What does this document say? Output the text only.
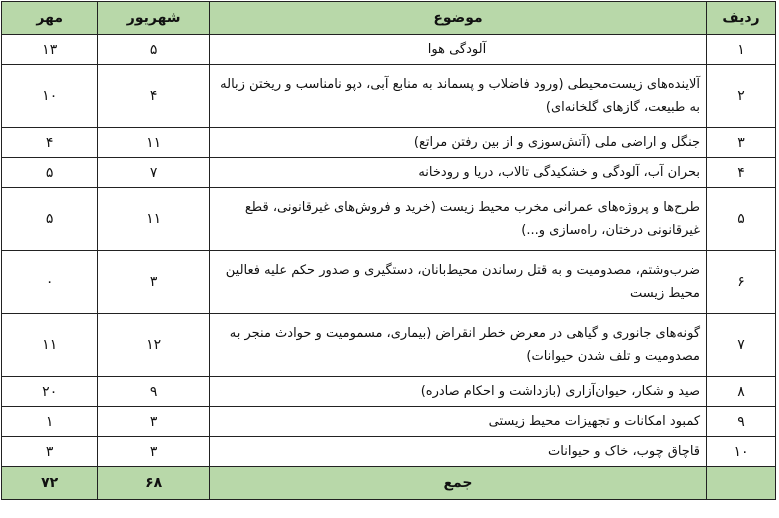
ردیف	موضوع	شهریور	مهر
۱	آلودگی هوا	۵	۱۳
۲	آلاینده‌های زیست‌محیطی (ورود فاضلاب و پسماند به منابع آبی، دپو نامناسب و ریختن زباله به طبیعت، گازهای گلخانه‌ای)	۴	۱۰
۳	جنگل و اراضی ملی (آتش‌سوزی و از بین رفتن مراتع)	۱۱	۴
۴	بحران آب، آلودگی و خشکیدگی تالاب، دریا و رودخانه	۷	۵
۵	طرح‌ها و پروژه‌های عمرانی مخرب محیط زیست (خرید و فروش‌های غیرقانونی، قطع غیرقانونی درختان، راه‌سازی و...)	۱۱	۵
۶	ضرب‌وشتم، مصدومیت و به قتل رساندن محیط‌بانان، دستگیری و صدور حکم علیه فعالین محیط زیست	۳	۰
۷	گونه‌های جانوری و گیاهی در معرض خطر انقراض (بیماری، مسمومیت و حوادث منجر به مصدومیت و تلف شدن حیوانات)	۱۲	۱۱
۸	صید و شکار، حیوان‌آزاری (بازداشت و احکام صادره)	۹	۲۰
۹	کمبود امکانات و تجهیزات محیط زیستی	۳	۱
۱۰	قاچاق چوب، خاک و حیوانات	۳	۳
	جمع	۶۸	۷۲
